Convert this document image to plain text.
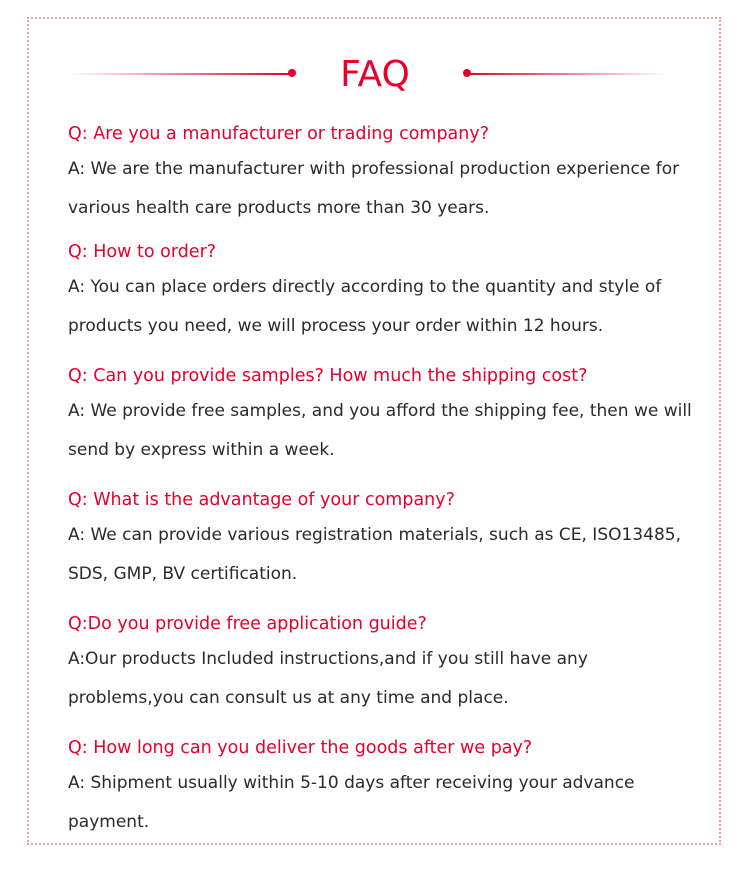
FAQ
Q: Are you a manufacturer or trading company?
A: We are the manufacturer with professional production experience for various health care products more than 30 years.
Q: How to order?
A: You can place orders directly according to the quantity and style of products you need, we will process your order within 12 hours.
Q: Can you provide samples? How much the shipping cost?
A: We provide free samples, and you afford the shipping fee, then we will send by express within a week.
Q: What is the advantage of your company?
A: We can provide various registration materials, such as CE, ISO13485, SDS, GMP, BV certification.
Q:Do you provide free application guide?
A:Our products Included instructions,and if you still have any problems,you can consult us at any time and place.
Q: How long can you deliver the goods after we pay?
A: Shipment usually within 5-10 days after receiving your advance payment.
